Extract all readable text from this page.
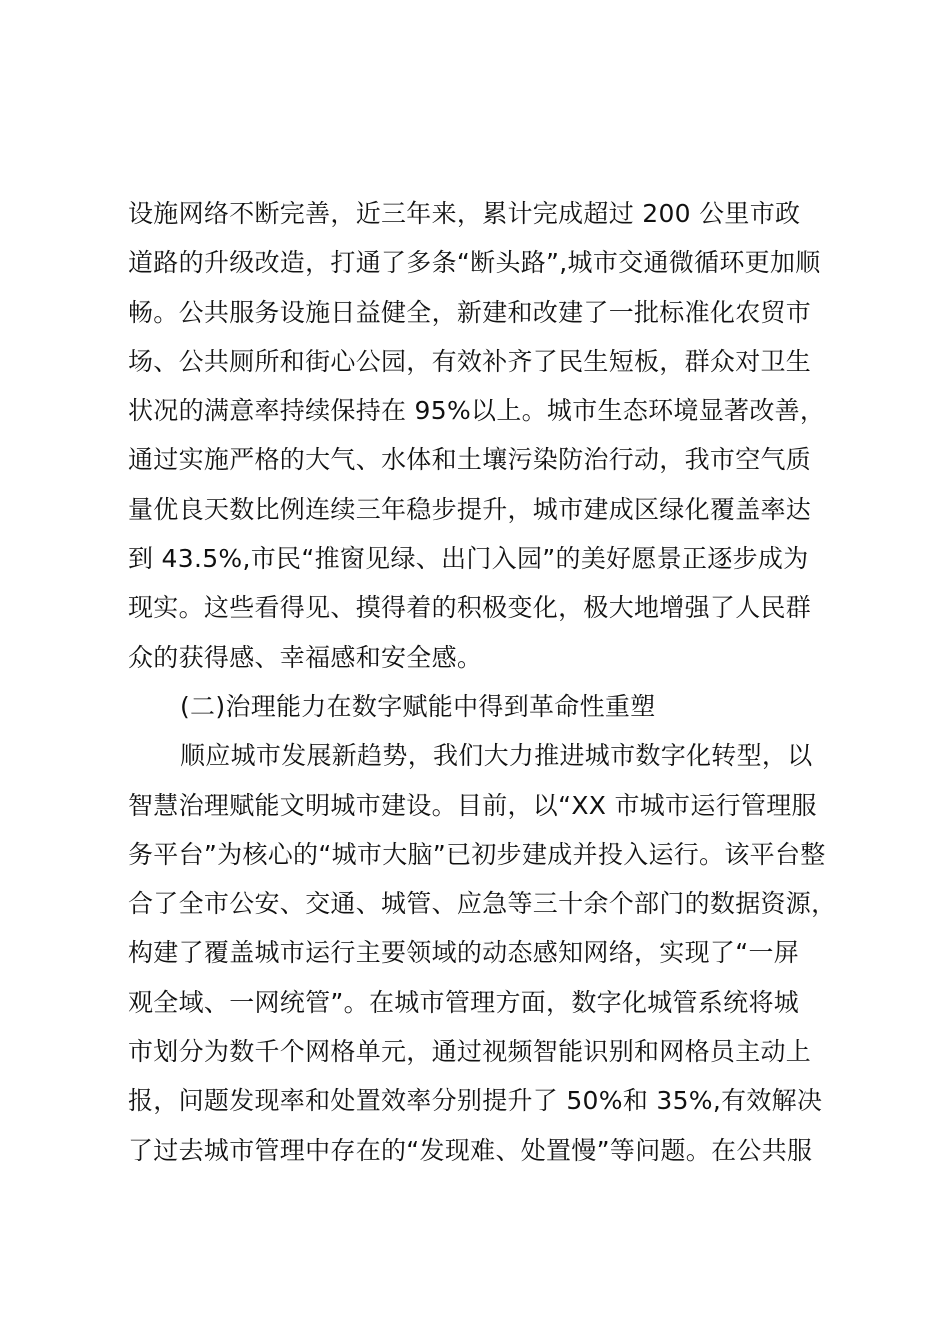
设施网络不断完善，近三年来，累计完成超过 200 公里市政
道路的升级改造，打通了多条“断头路”,城市交通微循环更加顺
畅。公共服务设施日益健全，新建和改建了一批标准化农贸市
场、公共厕所和街心公园，有效补齐了民生短板，群众对卫生
状况的满意率持续保持在 95%以上。城市生态环境显著改善，
通过实施严格的大气、水体和土壤污染防治行动，我市空气质
量优良天数比例连续三年稳步提升，城市建成区绿化覆盖率达
到 43.5%,市民“推窗见绿、出门入园”的美好愿景正逐步成为
现实。这些看得见、摸得着的积极变化，极大地增强了人民群
众的获得感、幸福感和安全感。
(二)治理能力在数字赋能中得到革命性重塑
顺应城市发展新趋势，我们大力推进城市数字化转型，以
智慧治理赋能文明城市建设。目前，以“XX 市城市运行管理服
务平台”为核心的“城市大脑”已初步建成并投入运行。该平台整
合了全市公安、交通、城管、应急等三十余个部门的数据资源，
构建了覆盖城市运行主要领域的动态感知网络，实现了“一屏
观全域、一网统管”。在城市管理方面，数字化城管系统将城
市划分为数千个网格单元，通过视频智能识别和网格员主动上
报，问题发现率和处置效率分别提升了 50%和 35%,有效解决
了过去城市管理中存在的“发现难、处置慢”等问题。在公共服
